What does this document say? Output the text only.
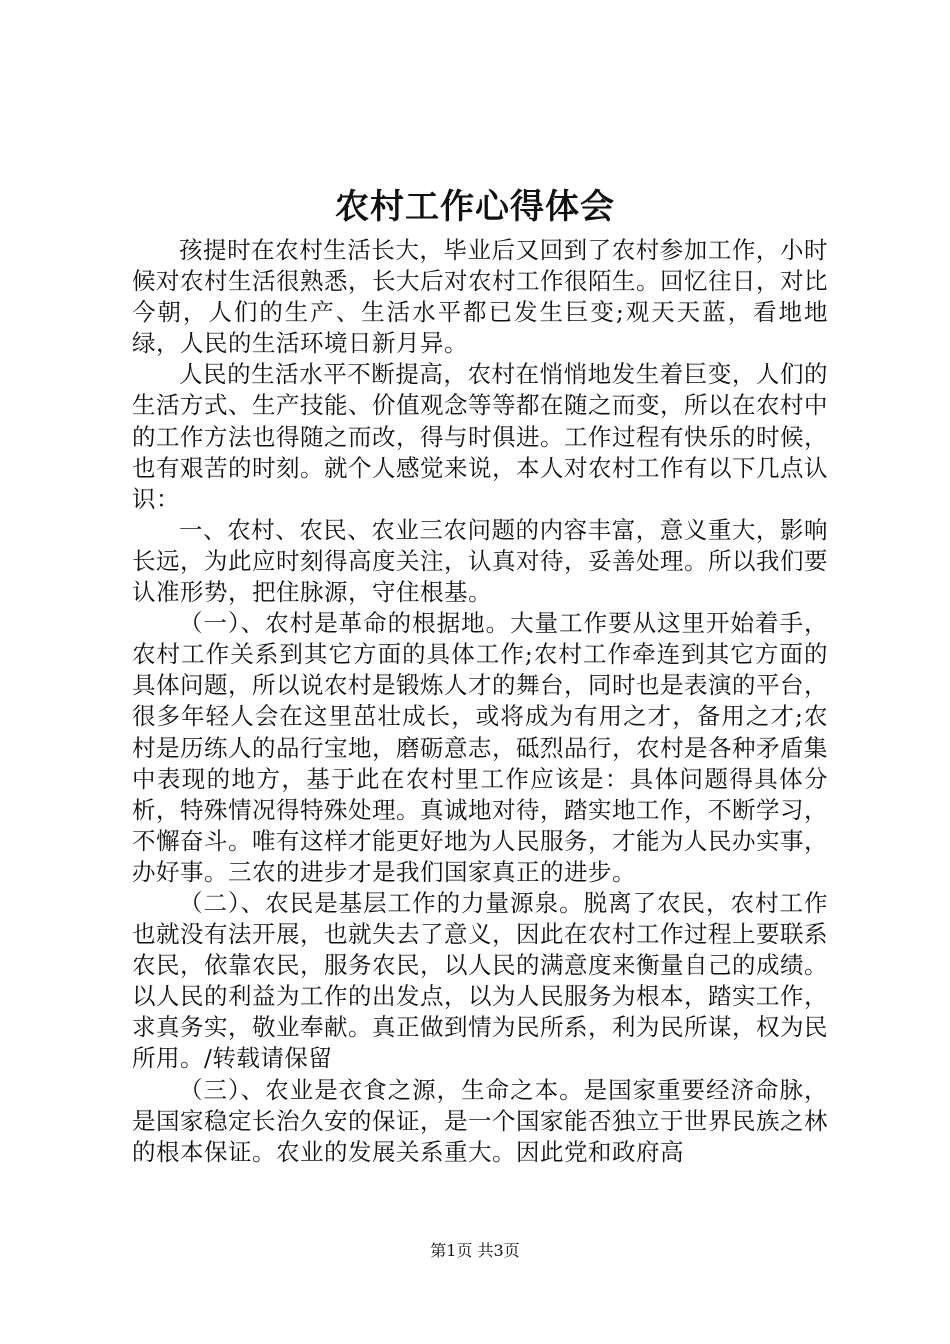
农村工作心得体会

孩提时在农村生活长大，毕业后又回到了农村参加工作，小时候对农村生活很熟悉，长大后对农村工作很陌生。回忆往日，对比今朝，人们的生产、生活水平都已发生巨变;观天天蓝，看地地绿，人民的生活环境日新月异。

人民的生活水平不断提高，农村在悄悄地发生着巨变，人们的生活方式、生产技能、价值观念等等都在随之而变，所以在农村中的工作方法也得随之而改，得与时俱进。工作过程有快乐的时候，也有艰苦的时刻。就个人感觉来说，本人对农村工作有以下几点认识：

一、农村、农民、农业三农问题的内容丰富，意义重大，影响长远，为此应时刻得高度关注，认真对待，妥善处理。所以我们要认准形势，把住脉源，守住根基。

（一）、农村是革命的根据地。大量工作要从这里开始着手，农村工作关系到其它方面的具体工作;农村工作牵连到其它方面的具体问题，所以说农村是锻炼人才的舞台，同时也是表演的平台，很多年轻人会在这里茁壮成长，或将成为有用之才，备用之才;农村是历练人的品行宝地，磨砺意志，砥烈品行，农村是各种矛盾集中表现的地方，基于此在农村里工作应该是：具体问题得具体分析，特殊情况得特殊处理。真诚地对待，踏实地工作，不断学习，不懈奋斗。唯有这样才能更好地为人民服务，才能为人民办实事，办好事。三农的进步才是我们国家真正的进步。

（二）、农民是基层工作的力量源泉。脱离了农民，农村工作也就没有法开展，也就失去了意义，因此在农村工作过程上要联系农民，依靠农民，服务农民，以人民的满意度来衡量自己的成绩。以人民的利益为工作的出发点，以为人民服务为根本，踏实工作，求真务实，敬业奉献。真正做到情为民所系，利为民所谋，权为民所用。/转载请保留

（三）、农业是衣食之源，生命之本。是国家重要经济命脉，是国家稳定长治久安的保证，是一个国家能否独立于世界民族之林的根本保证。农业的发展关系重大。因此党和政府高

第1页 共3页
